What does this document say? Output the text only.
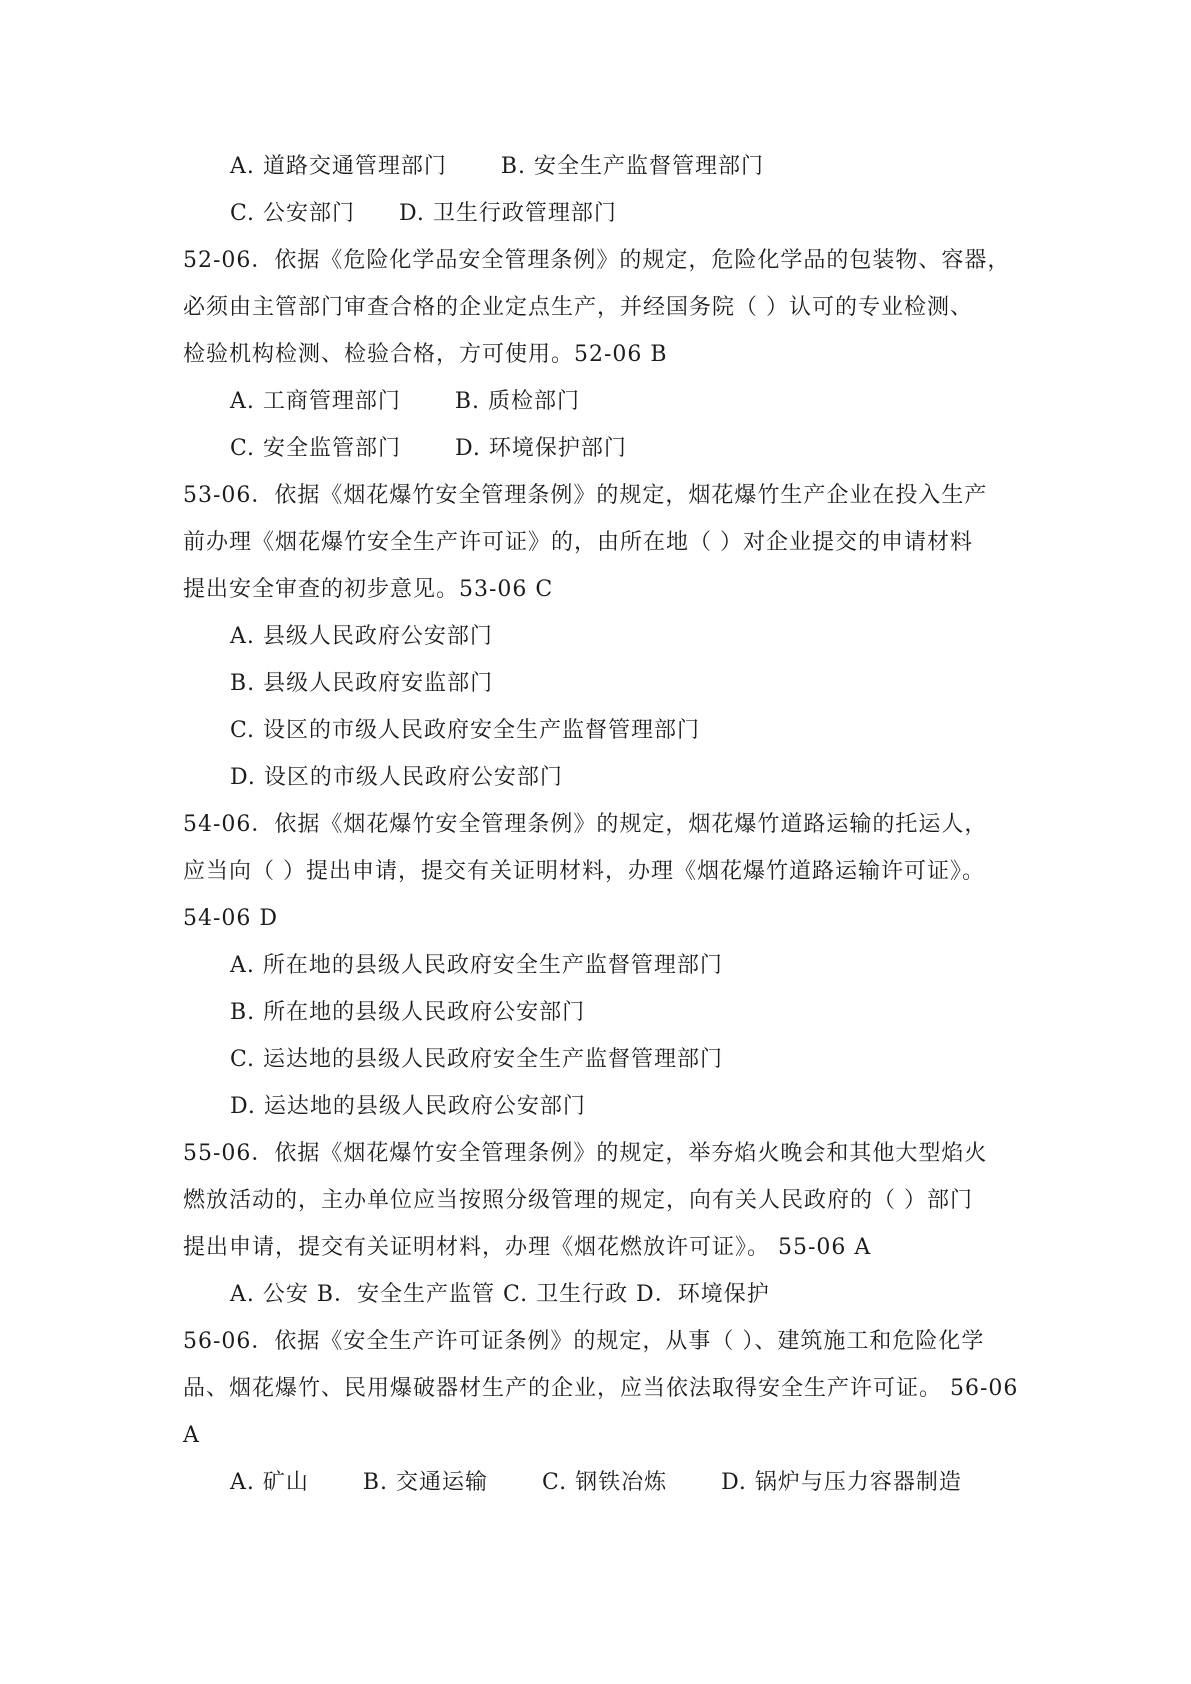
A. 道路交通管理部门 B. 安全生产监督管理部门
C. 公安部门 D. 卫生行政管理部门
52-06．依据《危险化学品安全管理条例》的规定，危险化学品的包装物、容器，
必须由主管部门审查合格的企业定点生产，并经国务院（ ）认可的专业检测、
检验机构检测、检验合格，方可使用。52-06 B
A. 工商管理部门 B. 质检部门
C. 安全监管部门 D. 环境保护部门
53-06．依据《烟花爆竹安全管理条例》的规定，烟花爆竹生产企业在投入生产
前办理《烟花爆竹安全生产许可证》的，由所在地（ ）对企业提交的申请材料
提出安全审查的初步意见。53-06 C
A. 县级人民政府公安部门
B. 县级人民政府安监部门
C. 设区的市级人民政府安全生产监督管理部门
D. 设区的市级人民政府公安部门
54-06．依据《烟花爆竹安全管理条例》的规定，烟花爆竹道路运输的托运人，
应当向（ ）提出申请，提交有关证明材料，办理《烟花爆竹道路运输许可证》。
54-06 D
A. 所在地的县级人民政府安全生产监督管理部门
B. 所在地的县级人民政府公安部门
C. 运达地的县级人民政府安全生产监督管理部门
D. 运达地的县级人民政府公安部门
55-06．依据《烟花爆竹安全管理条例》的规定，举夯焰火晚会和其他大型焰火
燃放活动的，主办单位应当按照分级管理的规定，向有关人民政府的（ ）部门
提出申请，提交有关证明材料，办理《烟花燃放许可证》。 55-06 A
A. 公安 B．安全生产监管 C. 卫生行政 D．环境保护
56-06．依据《安全生产许可证条例》的规定，从事（ ）、建筑施工和危险化学
品、烟花爆竹、民用爆破器材生产的企业，应当依法取得安全生产许可证。 56-06
A
A. 矿山 B. 交通运输 C. 钢铁冶炼 D. 锅炉与压力容器制造
